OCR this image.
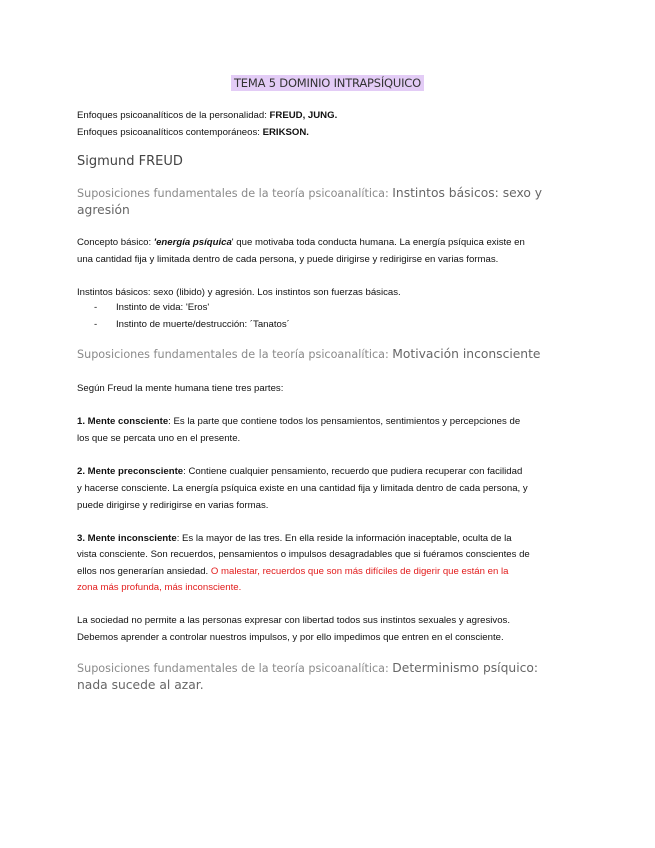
TEMA 5 DOMINIO INTRAPSÍQUICO
Enfoques psicoanalíticos de la personalidad: FREUD, JUNG.
Enfoques psicoanalíticos contemporáneos: ERIKSON.
Sigmund FREUD
Suposiciones fundamentales de la teoría psicoanalítica: Instintos básicos: sexo y agresión
Concepto básico: 'energía psíquica' que motivaba toda conducta humana. La energía psíquica existe en
una cantidad fija y limitada dentro de cada persona, y puede dirigirse y redirigirse en varias formas.
Instintos básicos: sexo (libido) y agresión. Los instintos son fuerzas básicas.
- Instinto de vida: 'Eros'
- Instinto de muerte/destrucción: ´Tanatos´
Suposiciones fundamentales de la teoría psicoanalítica: Motivación inconsciente
Según Freud la mente humana tiene tres partes:
1. Mente consciente: Es la parte que contiene todos los pensamientos, sentimientos y percepciones de
los que se percata uno en el presente.
2. Mente preconsciente: Contiene cualquier pensamiento, recuerdo que pudiera recuperar con facilidad
y hacerse consciente. La energía psíquica existe en una cantidad fija y limitada dentro de cada persona, y
puede dirigirse y redirigirse en varias formas.
3. Mente inconsciente: Es la mayor de las tres. En ella reside la información inaceptable, oculta de la
vista consciente. Son recuerdos, pensamientos o impulsos desagradables que si fuéramos conscientes de
ellos nos generarían ansiedad. O malestar, recuerdos que son más difíciles de digerir que están en la
zona más profunda, más inconsciente.
La sociedad no permite a las personas expresar con libertad todos sus instintos sexuales y agresivos.
Debemos aprender a controlar nuestros impulsos, y por ello impedimos que entren en el consciente.
Suposiciones fundamentales de la teoría psicoanalítica: Determinismo psíquico: nada sucede al azar.
